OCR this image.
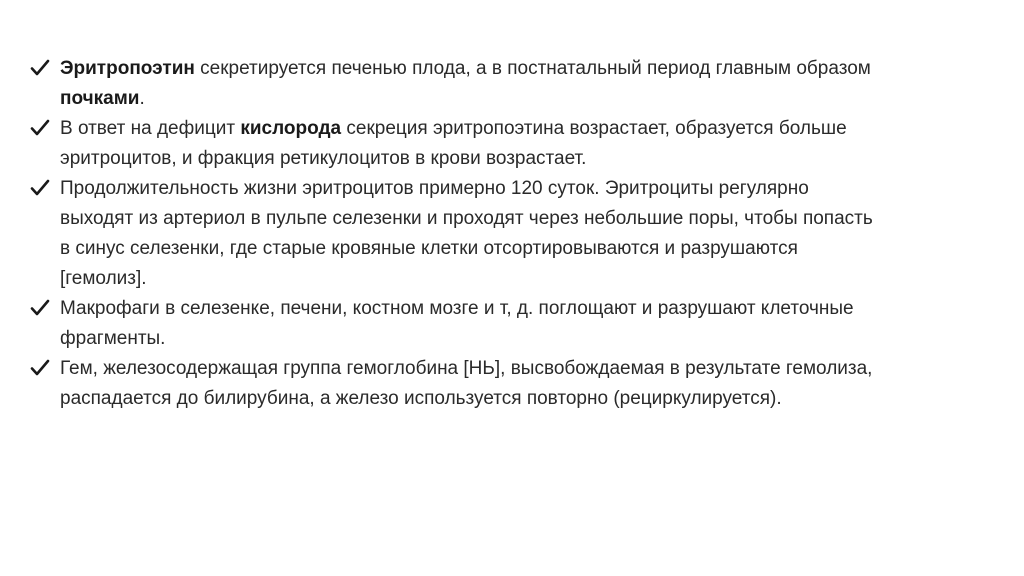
Эритропоэтин секретируется печенью плода, а в постнатальный период главным образом почками.
В ответ на дефицит кислорода секреция эритропоэтина возрастает, образуется больше эритроцитов, и фракция ретикулоцитов в крови возрастает.
Продолжительность жизни эритроцитов примерно 120 суток. Эритроциты регулярно выходят из артериол в пульпе селезенки и проходят через небольшие поры, чтобы попасть в синус селезенки, где старые кровяные клетки отсортировываются и разрушаются [гемолиз].
Макрофаги в селезенке, печени, костном мозге и т, д. поглощают и разрушают клеточные фрагменты.
Гем, железосодержащая группа гемоглобина [НЬ], высвобождаемая в результате гемолиза, распадается до билирубина, а железо используется повторно (рециркулируется).
